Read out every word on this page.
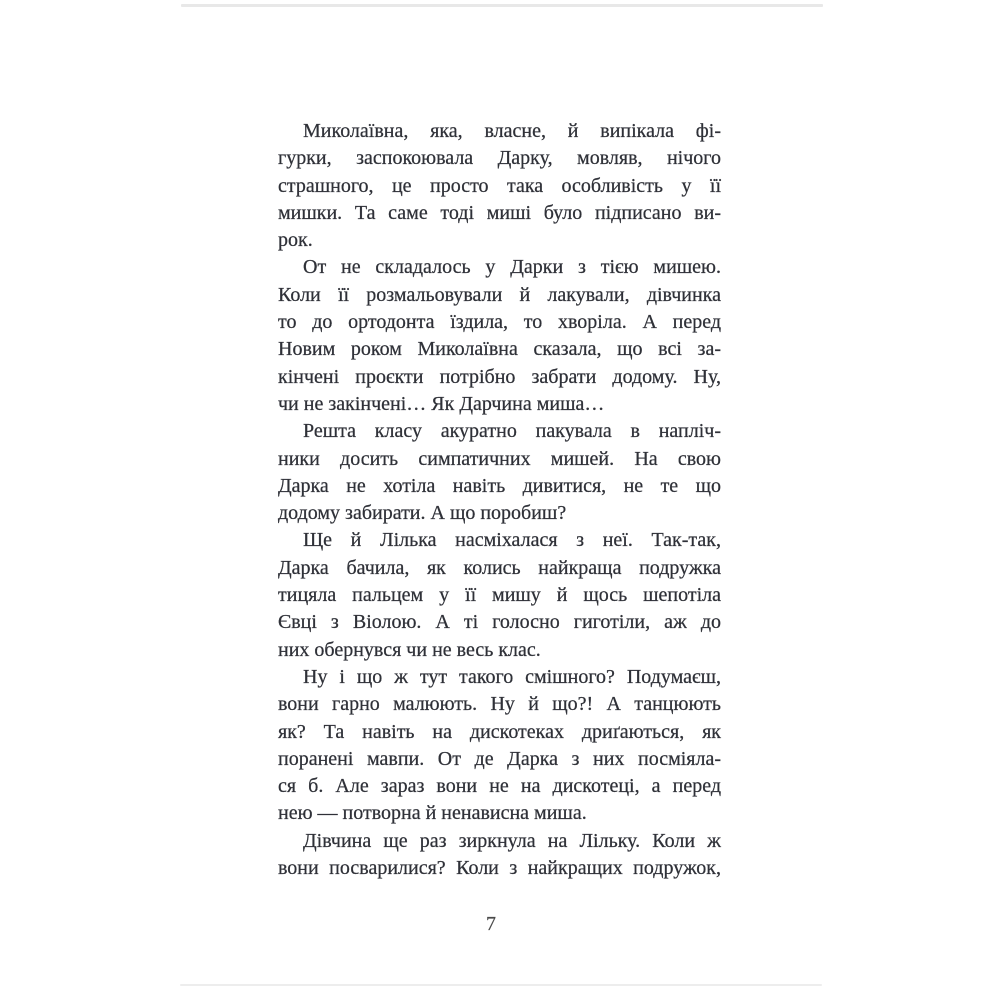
Миколаївна, яка, власне, й випікала фі-
гурки, заспокоювала Дарку, мовляв, нічого
страшного, це просто така особливість у її
мишки. Та саме тоді миші було підписано ви-
рок.
От не складалось у Дарки з тією мишею.
Коли її розмальовували й лакували, дівчинка
то до ортодонта їздила, то хворіла. А перед
Новим роком Миколаївна сказала, що всі за-
кінчені проєкти потрібно забрати додому. Ну,
чи не закінчені… Як Дарчина миша…
Решта класу акуратно пакувала в напліч-
ники досить симпатичних мишей. На свою
Дарка не хотіла навіть дивитися, не те що
додому забирати. А що поробиш?
Ще й Лілька насміхалася з неї. Так-так,
Дарка бачила, як колись найкраща подружка
тицяла пальцем у її мишу й щось шепотіла
Євці з Віолою. А ті голосно гиготіли, аж до
них обернувся чи не весь клас.
Ну і що ж тут такого смішного? Подумаєш,
вони гарно малюють. Ну й що?! А танцюють
як? Та навіть на дискотеках дриґаються, як
поранені мавпи. От де Дарка з них посміяла-
ся б. Але зараз вони не на дискотеці, а перед
нею — потворна й ненависна миша.
Дівчина ще раз зиркнула на Лільку. Коли ж
вони посварилися? Коли з найкращих подружок,
7
